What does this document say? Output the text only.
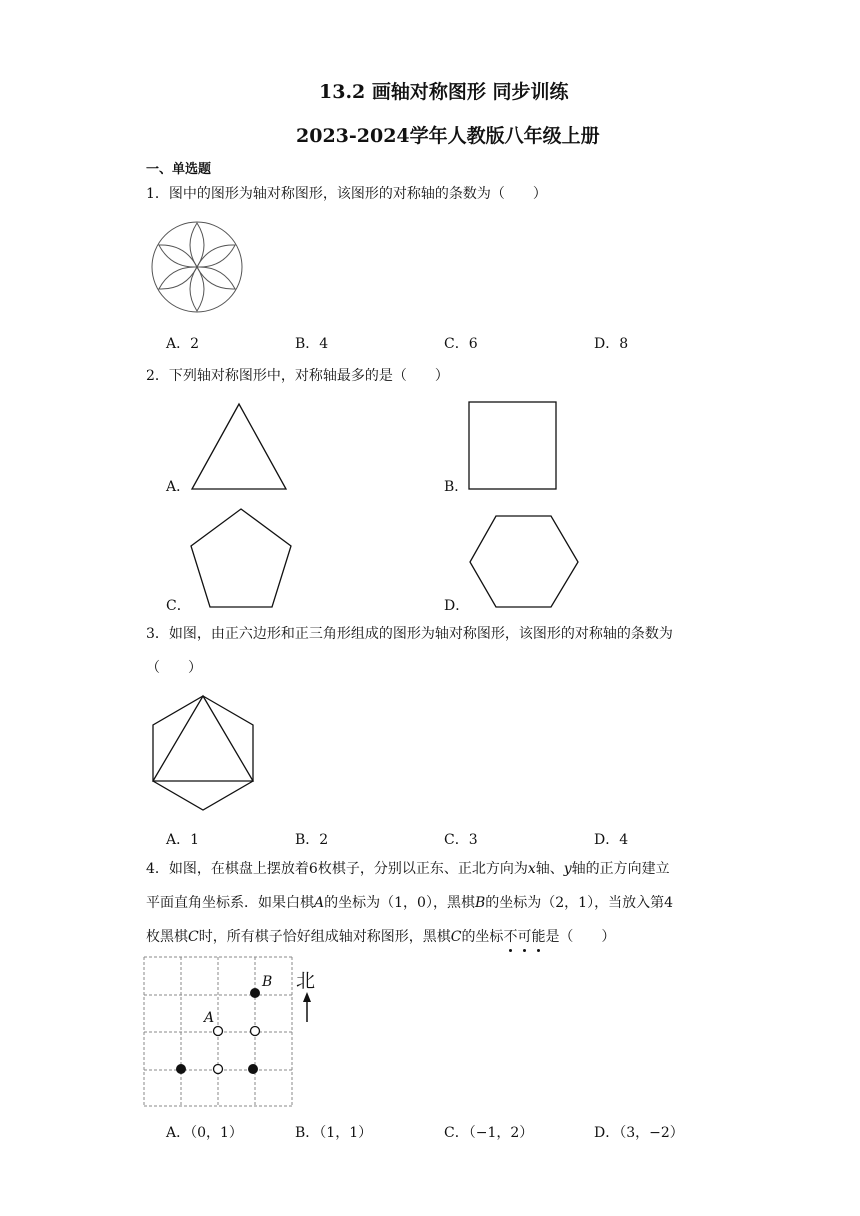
13.2 画轴对称图形 同步训练
2023-2024学年人教版八年级上册
一、单选题
1．图中的图形为轴对称图形，该图形的对称轴的条数为（　　）
A．2	B．4	C．6	D．8
2．下列轴对称图形中，对称轴最多的是（　　）
A．	B．
C．	D．
3．如图，由正六边形和正三角形组成的图形为轴对称图形，该图形的对称轴的条数为
（　　）
A．1	B．2	C．3	D．4
4．如图，在棋盘上摆放着6枚棋子，分别以正东、正北方向为x轴、y轴的正方向建立
平面直角坐标系．如果白棋A的坐标为（1，0），黑棋B的坐标为（2，1），当放入第4
枚黑棋C时，所有棋子恰好组成轴对称图形，黑棋C的坐标不可能是（　　）
B
A
北
A．（0，1）	B．（1，1）	C．（−1，2）	D．（3，−2）
